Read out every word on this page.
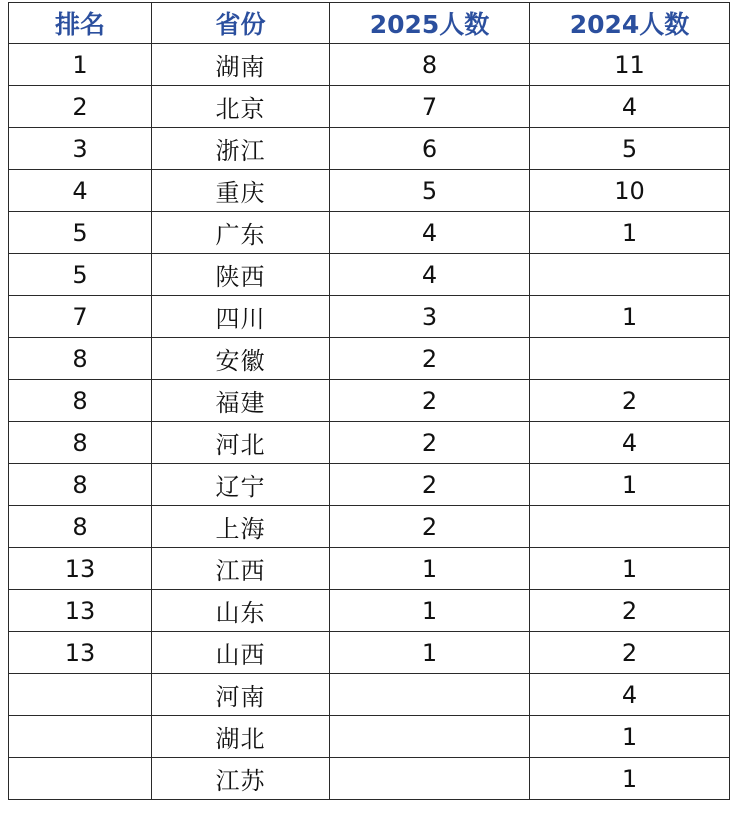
排名	省份	2025人数	2024人数
1	湖南	8	11
2	北京	7	4
3	浙江	6	5
4	重庆	5	10
5	广东	4	1
5	陕西	4	
7	四川	3	1
8	安徽	2	
8	福建	2	2
8	河北	2	4
8	辽宁	2	1
8	上海	2	
13	江西	1	1
13	山东	1	2
13	山西	1	2
	河南		4
	湖北		1
	江苏		1
